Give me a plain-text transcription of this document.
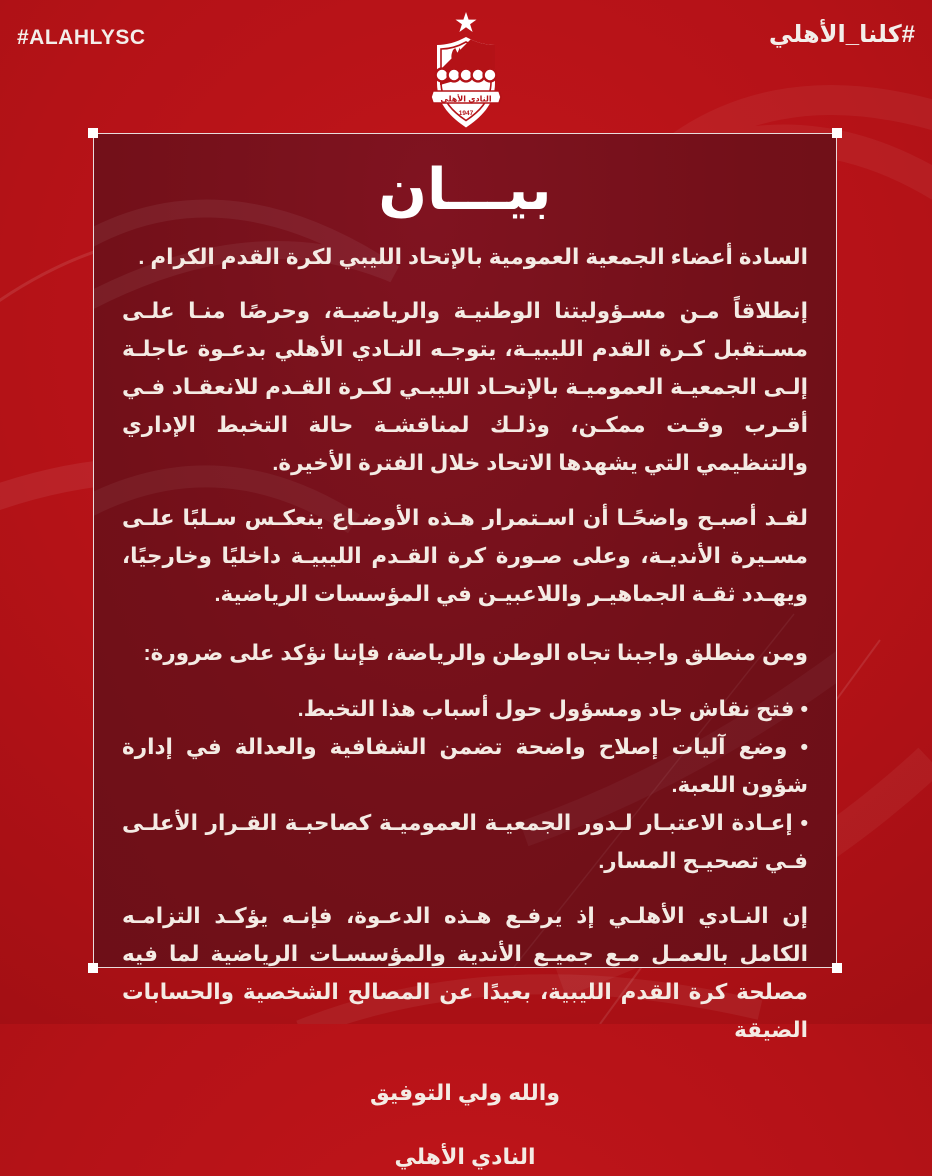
#ALAHLYSC	#كلنا_الأهلي
النادي الأهلي
1947
بيـــان

السادة أعضاء الجمعية العمومية بالإتحاد الليبي لكرة القدم الكرام .

إنطلاقاً مـن مسـؤوليتنا الوطنيـة والرياضيـة، وحرصًا منـا علـى مسـتقبل كـرة القدم الليبيـة، يتوجـه النـادي الأهلي بدعـوة عاجلـة إلـى الجمعيـة العموميـة بالإتحـاد الليبـي لكـرة القـدم للانعقـاد فـي أقـرب وقـت ممكـن، وذلـك لمناقشـة حالة التخبط الإداري والتنظيمي التي يشهدها الاتحاد خلال الفترة الأخيرة.

لقـد أصبـح واضحًـا أن اسـتمرار هـذه الأوضـاع ينعكـس سـلبًا علـى مسـيرة الأنديـة، وعلى صـورة كرة القـدم الليبيـة داخليًا وخارجيًا، ويهـدد ثقـة الجماهيـر واللاعبيـن في المؤسسات الرياضية.

ومن منطلق واجبنا تجاه الوطن والرياضة، فإننا نؤكد على ضرورة:

• فتح نقاش جاد ومسؤول حول أسباب هذا التخبط.

• وضع آليات إصلاح واضحة تضمن الشفافية والعدالة في إدارة شؤون اللعبة.

• إعـادة الاعتبـار لـدور الجمعيـة العموميـة كصاحبـة القـرار الأعلـى فـي تصحيـح المسار.

إن النـادي الأهلـي إذ يرفـع هـذه الدعـوة، فإنـه يؤكـد التزامـه الكامل بالعمـل مـع جميـع الأندية والمؤسسـات الرياضية لما فيه مصلحة كرة القدم الليبية، بعيدًا عن المصالح الشخصية والحسابات الضيقة

والله ولي التوفيق

النادي الأهلي
